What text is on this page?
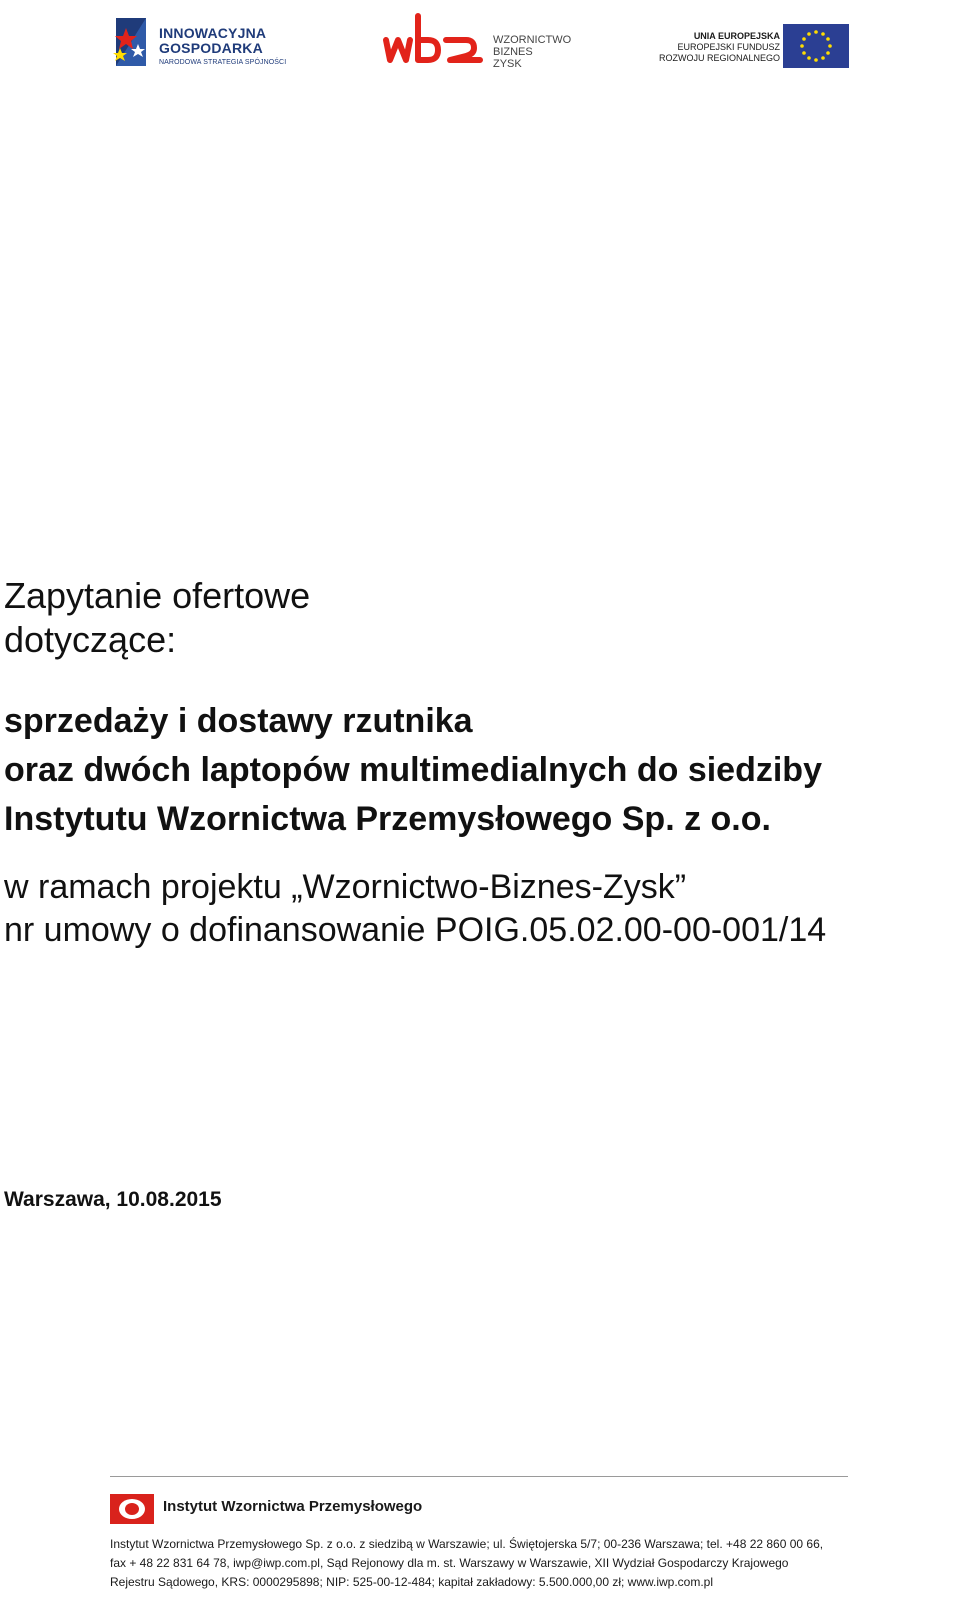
INNOWACYJNA
GOSPODARKA
NARODOWA STRATEGIA SPÓJNOŚCI
WZORNICTWO
BIZNES
ZYSK
UNIA EUROPEJSKA
EUROPEJSKI FUNDUSZ
ROZWOJU REGIONALNEGO
Zapytanie ofertowe
dotyczące:
sprzedaży i dostawy rzutnika
oraz dwóch laptopów multimedialnych do siedziby
Instytutu Wzornictwa Przemysłowego Sp. z o.o.
w ramach projektu „Wzornictwo-Biznes-Zysk”
nr umowy o dofinansowanie POIG.05.02.00-00-001/14
Warszawa, 10.08.2015
Instytut Wzornictwa Przemysłowego
Instytut Wzornictwa Przemysłowego Sp. z o.o. z siedzibą w Warszawie; ul. Świętojerska 5/7; 00-236 Warszawa; tel. +48 22 860 00 66,
fax + 48 22 831 64 78, iwp@iwp.com.pl, Sąd Rejonowy dla m. st. Warszawy w Warszawie, XII Wydział Gospodarczy Krajowego
Rejestru Sądowego, KRS: 0000295898; NIP: 525-00-12-484; kapitał zakładowy: 5.500.000,00 zł; www.iwp.com.pl
